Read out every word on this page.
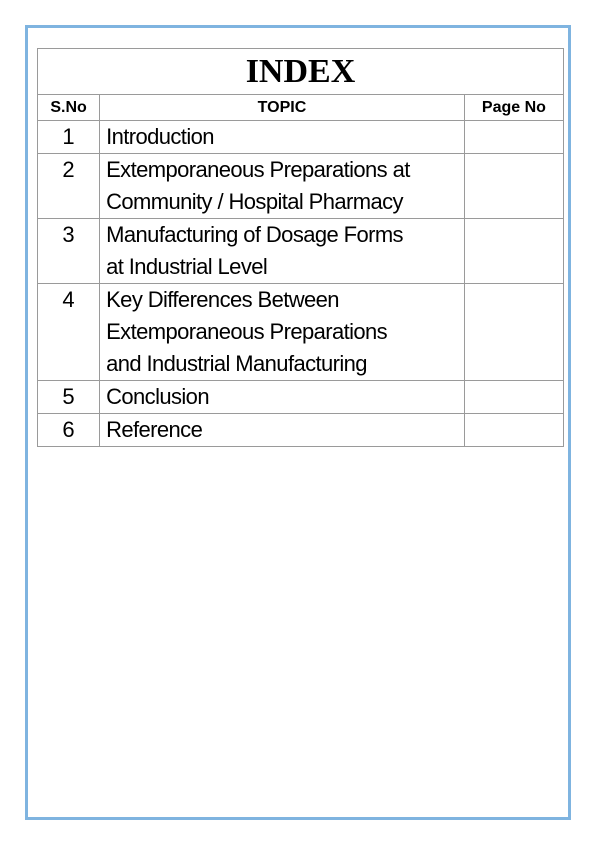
INDEX		
S.No	TOPIC	Page No
1	Introduction	

2	Extemporaneous Preparations at
Community / Hospital Pharmacy	

3	Manufacturing of Dosage Forms
at Industrial Level	

4	Key Differences Between
Extemporaneous Preparations
and Industrial Manufacturing	

5	Conclusion	

6	Reference	
